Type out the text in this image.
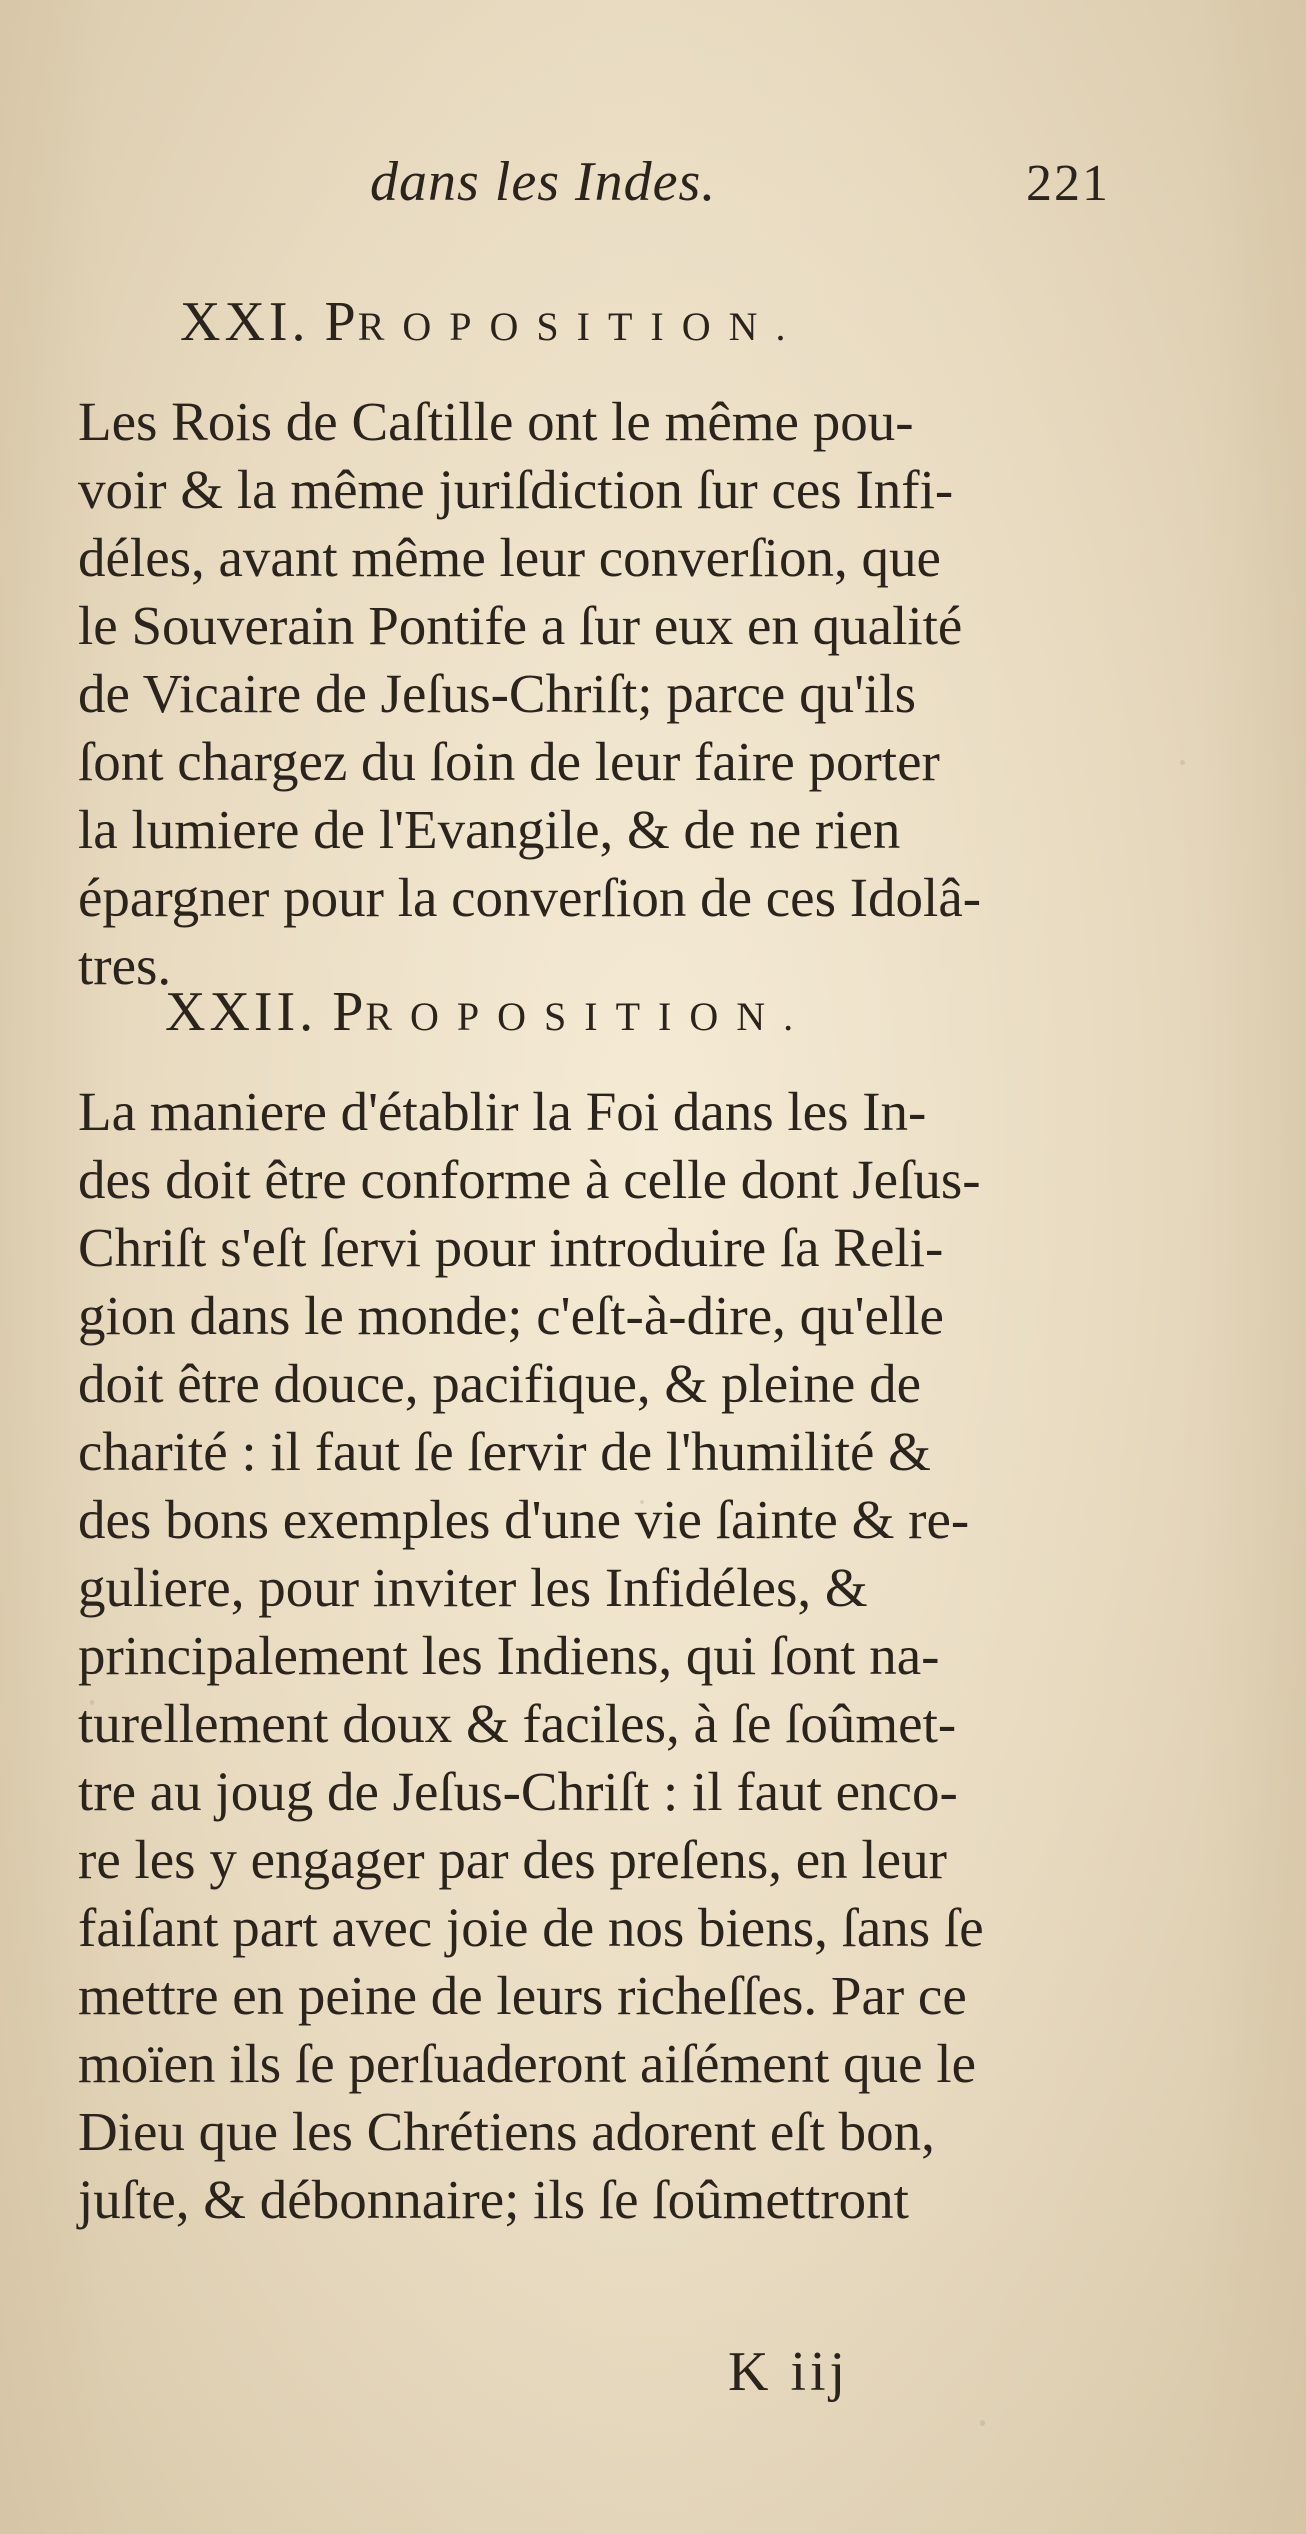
dans les Indes.	221
XXI. PROPOSITION.
Les Rois de Caſtille ont le même pou-
voir & la même juriſdiction ſur ces Infi-
déles, avant même leur converſion, que
le Souverain Pontife a ſur eux en qualité
de Vicaire de Jeſus-Chriſt; parce qu'ils
ſont chargez du ſoin de leur faire porter
la lumiere de l'Evangile, & de ne rien
épargner pour la converſion de ces Idolâ-
tres.
XXII. PROPOSITION.
La maniere d'établir la Foi dans les In-
des doit être conforme à celle dont Jeſus-
Chriſt s'eſt ſervi pour introduire ſa Reli-
gion dans le monde; c'eſt-à-dire, qu'elle
doit être douce, pacifique, & pleine de
charité : il faut ſe ſervir de l'humilité &
des bons exemples d'une vie ſainte & re-
guliere, pour inviter les Infidéles, &
principalement les Indiens, qui ſont na-
turellement doux & faciles, à ſe ſoûmet-
tre au joug de Jeſus-Chriſt : il faut enco-
re les y engager par des preſens, en leur
faiſant part avec joie de nos biens, ſans ſe
mettre en peine de leurs richeſſes. Par ce
moïen ils ſe perſuaderont aiſément que le
Dieu que les Chrétiens adorent eſt bon,
juſte, & débonnaire; ils ſe ſoûmettront
K iij
